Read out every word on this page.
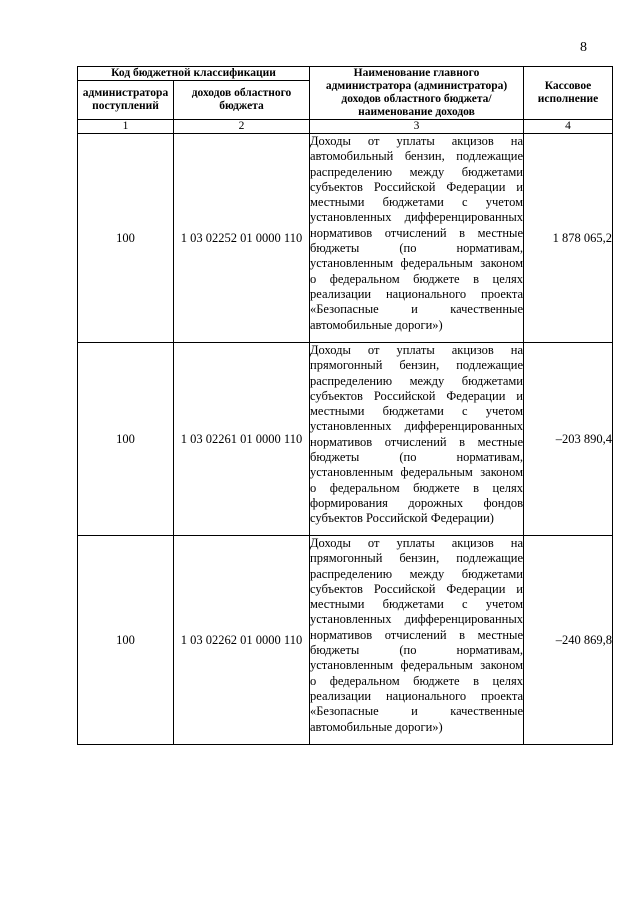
8
Код бюджетной классификации		Наименование главного администратора (администратора) доходов областного бюджета/ наименование доходов	Кассовое исполнение
администратора поступлений	доходов областного бюджета		
1	2	3	4
100	1 03 02252 01 0000 110	Доходы от уплаты акцизов на автомобильный бензин, подлежащие распределению между бюджетами субъектов Российской Федерации и местными бюджетами с учетом установленных дифференцированных нормативов отчислений в местные бюджеты (по нормативам, установленным федеральным законом о федеральном бюджете в целях реализации национального проекта «Безопасные и качественные автомобильные дороги»)	1 878 065,2
100	1 03 02261 01 0000 110	Доходы от уплаты акцизов на прямогонный бензин, подлежащие распределению между бюджетами субъектов Российской Федерации и местными бюджетами с учетом установленных дифференцированных нормативов отчислений в местные бюджеты (по нормативам, установленным федеральным законом о федеральном бюджете в целях формирования дорожных фондов субъектов Российской Федерации)	–203 890,4
100	1 03 02262 01 0000 110	Доходы от уплаты акцизов на прямогонный бензин, подлежащие распределению между бюджетами субъектов Российской Федерации и местными бюджетами с учетом установленных дифференцированных нормативов отчислений в местные бюджеты (по нормативам, установленным федеральным законом о федеральном бюджете в целях реализации национального проекта «Безопасные и качественные автомобильные дороги»)	–240 869,8
